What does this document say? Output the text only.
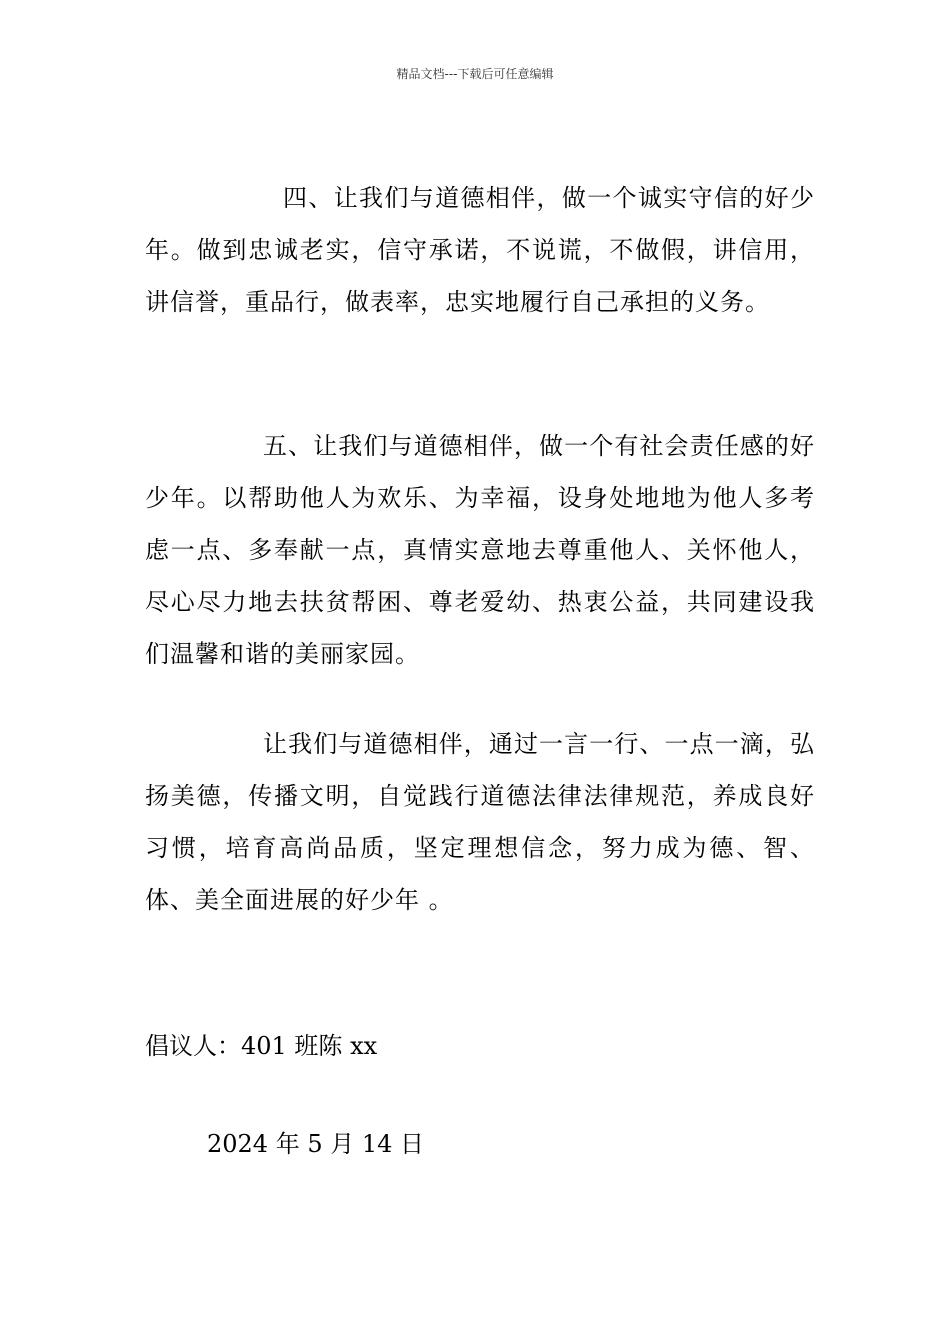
精品文档---下载后可任意编辑

四、让我们与道德相伴，做一个诚实守信的好少年。做到忠诚老实，信守承诺，不说谎，不做假，讲信用，讲信誉，重品行，做表率，忠实地履行自己承担的义务。

五、让我们与道德相伴，做一个有社会责任感的好少年。以帮助他人为欢乐、为幸福，设身处地地为他人多考虑一点、多奉献一点，真情实意地去尊重他人、关怀他人，尽心尽力地去扶贫帮困、尊老爱幼、热衷公益，共同建设我们温馨和谐的美丽家园。

让我们与道德相伴，通过一言一行、一点一滴，弘扬美德，传播文明，自觉践行道德法律法律规范，养成良好习惯，培育高尚品质，坚定理想信念，努力成为德、智、体、美全面进展的好少年 。

倡议人：401 班陈 xx
2024 年 5 月 14 日
